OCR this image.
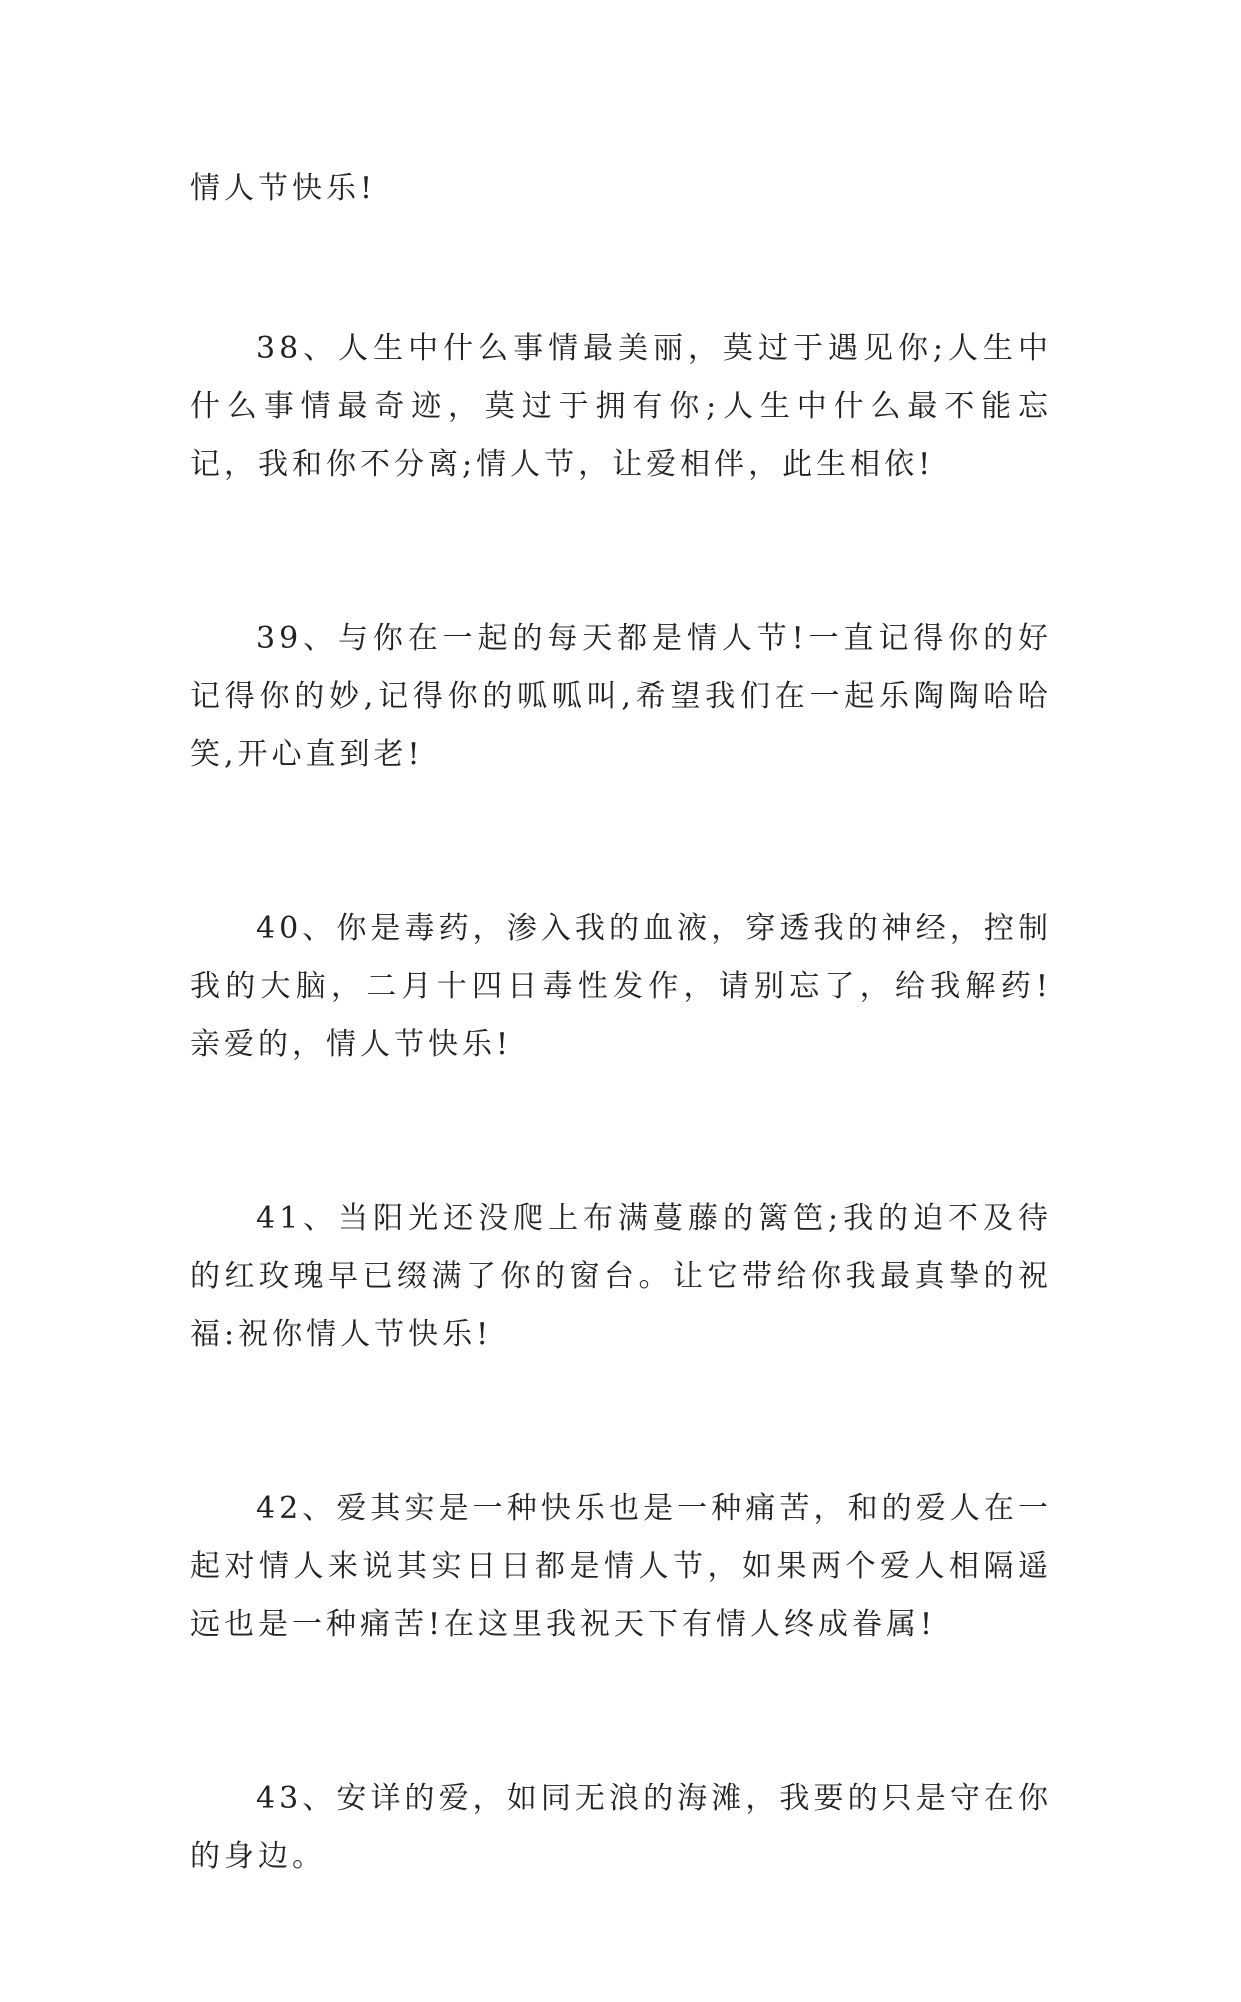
情人节快乐!

38、人生中什么事情最美丽，莫过于遇见你;人生中什么事情最奇迹，莫过于拥有你;人生中什么最不能忘记，我和你不分离;情人节，让爱相伴，此生相依!

39、与你在一起的每天都是情人节!一直记得你的好记得你的妙,记得你的呱呱叫,希望我们在一起乐陶陶哈哈笑,开心直到老!

40、你是毒药，渗入我的血液，穿透我的神经，控制我的大脑，二月十四日毒性发作，请别忘了，给我解药!亲爱的，情人节快乐!

41、当阳光还没爬上布满蔓藤的篱笆;我的迫不及待的红玫瑰早已缀满了你的窗台。让它带给你我最真挚的祝福:祝你情人节快乐!

42、爱其实是一种快乐也是一种痛苦，和的爱人在一起对情人来说其实日日都是情人节，如果两个爱人相隔遥远也是一种痛苦!在这里我祝天下有情人终成眷属!

43、安详的爱，如同无浪的海滩，我要的只是守在你的身边。
